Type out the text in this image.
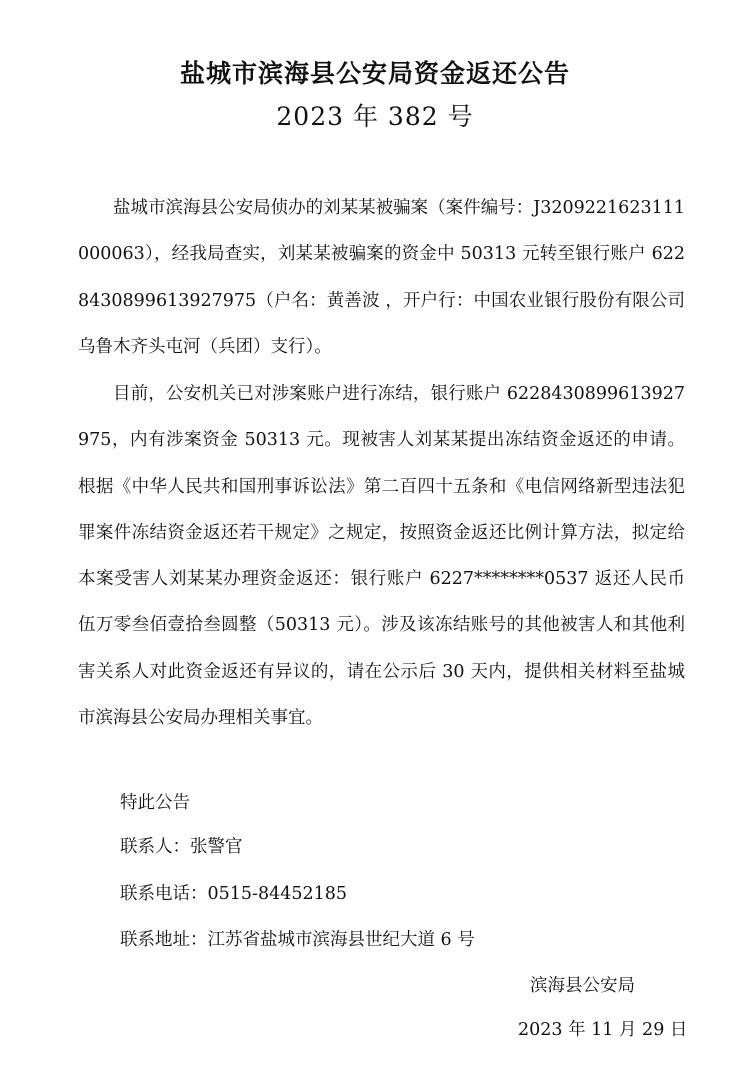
盐城市滨海县公安局资金返还公告
2023 年 382 号

盐城市滨海县公安局侦办的刘某某被骗案（案件编号：J3209221623111000063），经我局查实，刘某某被骗案的资金中 50313 元转至银行账户 6228430899613927975（户名：黄善波 ，开户行：中国农业银行股份有限公司乌鲁木齐头屯河（兵团）支行）。

目前，公安机关已对涉案账户进行冻结，银行账户 6228430899613927975，内有涉案资金 50313 元。现被害人刘某某提出冻结资金返还的申请。根据《中华人民共和国刑事诉讼法》第二百四十五条和《电信网络新型违法犯罪案件冻结资金返还若干规定》之规定，按照资金返还比例计算方法，拟定给本案受害人刘某某办理资金返还：银行账户 6227********0537 返还人民币伍万零叁佰壹拾叁圆整（50313 元）。涉及该冻结账号的其他被害人和其他利害关系人对此资金返还有异议的，请在公示后 30 天内，提供相关材料至盐城市滨海县公安局办理相关事宜。

特此公告

联系人：张警官

联系电话：0515-84452185

联系地址：江苏省盐城市滨海县世纪大道 6 号

滨海县公安局

2023 年 11 月 29 日
